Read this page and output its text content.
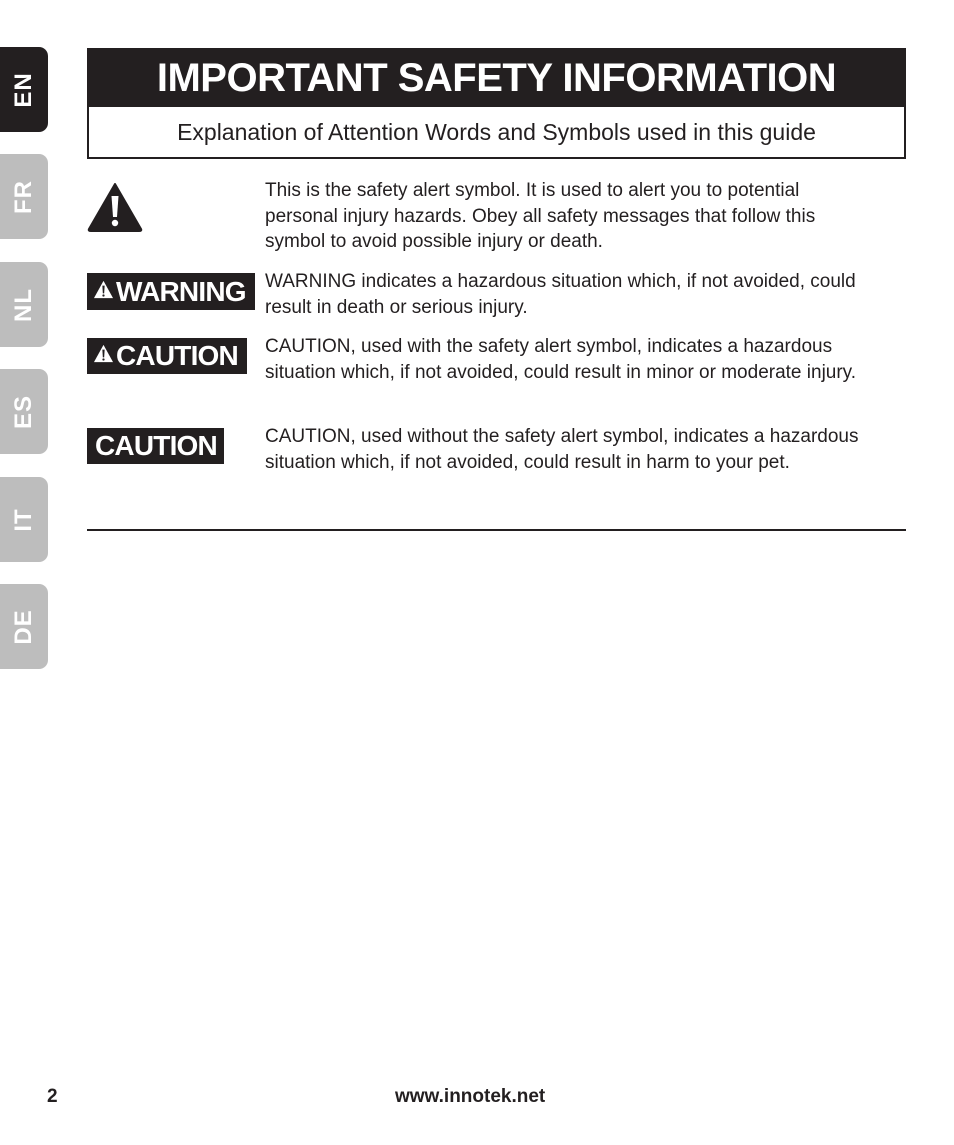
EN
FR
NL
ES
IT
DE
IMPORTANT SAFETY INFORMATION
Explanation of Attention Words and Symbols used in this guide
This is the safety alert symbol. It is used to alert you to potential personal injury hazards. Obey all safety messages that follow this symbol to avoid possible injury or death.
WARNING WARNING indicates a hazardous situation which, if not avoided, could result in death or serious injury.
CAUTION CAUTION, used with the safety alert symbol, indicates a hazardous situation which, if not avoided, could result in minor or moderate injury.
CAUTION	CAUTION, used without the safety alert symbol, indicates a hazardous situation which, if not avoided, could result in harm to your pet.
2	www.innotek.net
